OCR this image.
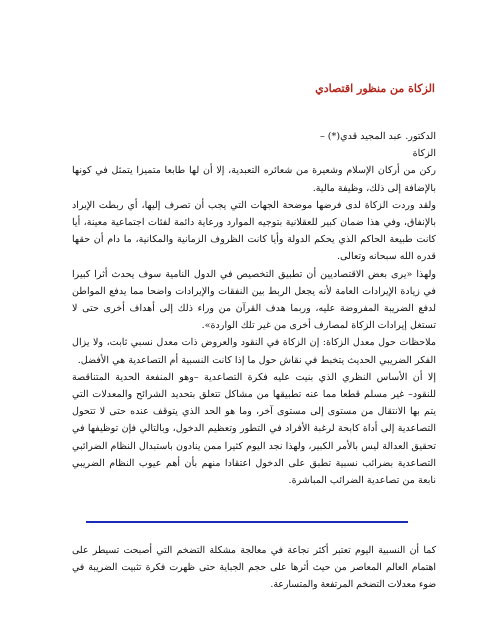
الزكاة من منظور اقتصادي

الدكتور. عبد المجيد قدي(*) –

الزكاة

ركن من أركان الإسلام وشعيرة من شعائره التعبدية، إلا أن لها طابعا متميزا يتمثل في كونها بالإضافة إلى ذلك، وظيفة مالية.

ولقد وردت الزكاة لدى فرضها موضحة الجهات التي يجب أن تصرف إليها، أي ربطت الإيراد بالإنفاق، وفي هذا ضمان كبير للعقلانية بتوجيه الموارد ورعاية دائمة لفئات اجتماعية معينة، أيا كانت طبيعة الحاكم الذي يحكم الدولة وأيا كانت الظروف الزمانية والمكانية، ما دام أن حقها قدره الله سبحانه وتعالى.

ولهذا «يرى بعض الاقتصاديين أن تطبيق التخصيص في الدول النامية سوف يحدث أثرا كبيرا في زيادة الإيرادات العامة لأنه يجعل الربط بين النفقات والإيرادات واضحا مما يدفع المواطن لدفع الضريبة المفروضة عليه، وربما هدف القرآن من وراء ذلك إلى أهداف أخرى حتى لا تستغل إيرادات الزكاة لمصارف أخرى من غير تلك الواردة».

ملاحظات حول معدل الزكاة: إن الزكاة في النقود والعروض ذات معدل نسبي ثابت، ولا يزال الفكر الضريبي الحديث يتخبط في نقاش حول ما إذا كانت النسبية أم التصاعدية هي الأفضل.

إلا أن الأساس النظري الذي بنيت عليه فكرة التصاعدية –وهو المنفعة الحدية المتناقصة للنقود– غير مسلم قطعا مما عنه تطبيقها من مشاكل تتعلق بتحديد الشرائح والمعدلات التي يتم بها الانتقال من مستوى إلى مستوى آخر، وما هو الحد الذي يتوقف عنده حتى لا تتحول التصاعدية إلى أداة كابحة لرغبة الأفراد في التطور وتعظيم الدخول، وبالتالي فإن توظيفها في تحقيق العدالة ليس بالأمر الكبير، ولهذا نجد اليوم كثيرا ممن ينادون باستبدال النظام الضرائبي التصاعدية بضرائب نسبية تطبق على الدخول اعتقادا منهم بأن أهم عيوب النظام الضريبي نابعة من تصاعدية الضرائب المباشرة.

كما أن النسبية اليوم تعتبر أكثر نجاعة في معالجة مشكلة التضخم التي أصبحت تسيطر على اهتمام العالم المعاصر من حيث أثرها على حجم الجباية حتى ظهرت فكرة تثبيت الضريبة في ضوء معدلات التضخم المرتفعة والمتسارعة.
